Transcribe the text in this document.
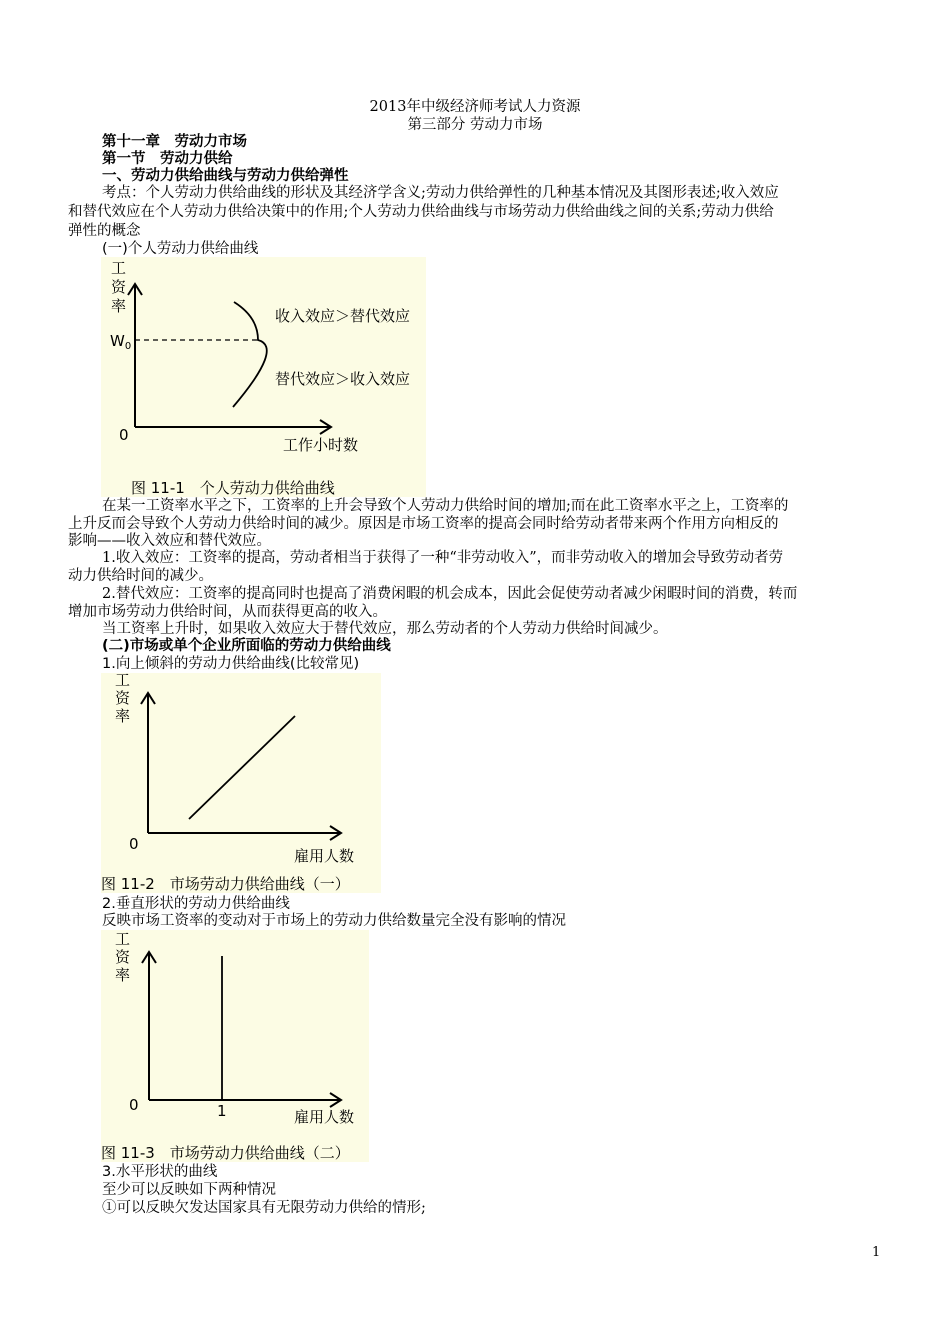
2013年中级经济师考试人力资源
第三部分 劳动力市场
第十一章　劳动力市场
第一节　劳动力供给
一、劳动力供给曲线与劳动力供给弹性
考点：个人劳动力供给曲线的形状及其经济学含义;劳动力供给弹性的几种基本情况及其图形表述;收入效应
和替代效应在个人劳动力供给决策中的作用;个人劳动力供给曲线与市场劳动力供给曲线之间的关系;劳动力供给
弹性的概念
(一)个人劳动力供给曲线
工
资
率
$W_0$
收入效应＞替代效应
替代效应＞收入效应
0
工作小时数
图 11-1　个人劳动力供给曲线
在某一工资率水平之下，工资率的上升会导致个人劳动力供给时间的增加;而在此工资率水平之上，工资率的
上升反而会导致个人劳动力供给时间的减少。原因是市场工资率的提高会同时给劳动者带来两个作用方向相反的
影响——收入效应和替代效应。
1.收入效应：工资率的提高，劳动者相当于获得了一种“非劳动收入”，而非劳动收入的增加会导致劳动者劳
动力供给时间的减少。
2.替代效应：工资率的提高同时也提高了消费闲暇的机会成本，因此会促使劳动者减少闲暇时间的消费，转而
增加市场劳动力供给时间，从而获得更高的收入。
当工资率上升时，如果收入效应大于替代效应，那么劳动者的个人劳动力供给时间减少。
(二)市场或单个企业所面临的劳动力供给曲线
1.向上倾斜的劳动力供给曲线(比较常见)
工
资
率
0
雇用人数
图 11-2　市场劳动力供给曲线（一）
2.垂直形状的劳动力供给曲线
反映市场工资率的变动对于市场上的劳动力供给数量完全没有影响的情况
工
资
率
0	1	雇用人数
图 11-3　市场劳动力供给曲线（二）
3.水平形状的曲线
至少可以反映如下两种情况
①可以反映欠发达国家具有无限劳动力供给的情形;
1
